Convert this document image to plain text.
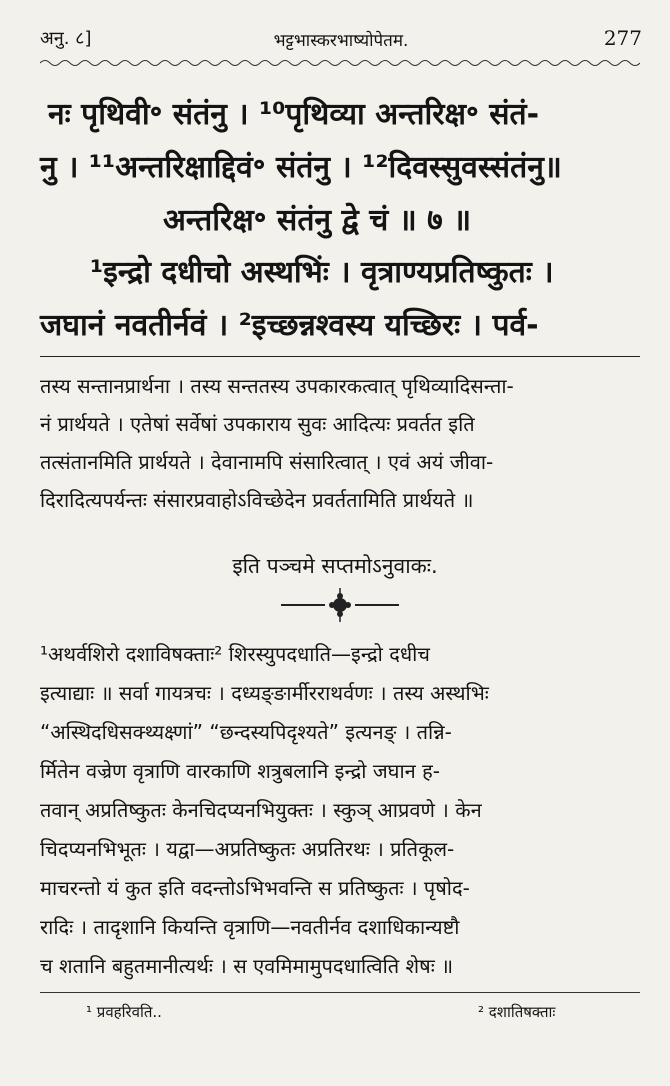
अनु. ८]	भट्टभास्करभाष्योपेतम.	277
नः पृथिवी॰ संतंनु । ¹⁰पृथिव्या अन्तरिक्ष॰ संतं-
नु । ¹¹अन्तरिक्षाद्दिवं॰ संतंनु । ¹²दिवस्सुवस्संतंनु॥
अन्तरिक्ष॰ संतंनु द्वे चं ॥ ७ ॥
¹इन्द्रो दधीचो अस्थभिंः । वृत्राण्यप्रतिष्कुतः ।
जघानं नवतीर्नवं । ²इच्छन्नश्वस्य यच्छिरः । पर्व-
तस्य सन्तानप्रार्थना । तस्य सन्ततस्य उपकारकत्वात् पृथिव्यादिसन्ता-
नं प्रार्थयते । एतेषां सर्वेषां उपकाराय सुवः आदित्यः प्रवर्तत इति
तत्संतानमिति प्रार्थयते । देवानामपि संसारित्वात् । एवं अयं जीवा-
दिरादित्यपर्यन्तः संसारप्रवाहोऽविच्छेदेन प्रवर्ततामिति प्रार्थयते ॥
इति पञ्चमे सप्तमोऽनुवाकः.
¹अथर्वशिरो दशाविषक्ताः² शिरस्युपदधाति—इन्द्रो दधीच
इत्याद्याः ॥ सर्वा गायत्रचः । दध्यङ्ङार्मीरराथर्वणः । तस्य अस्थभिः
“अस्थिदधिसक्थ्यक्ष्णां” “छन्दस्यपिदृश्यते” इत्यनङ् । तन्नि-
र्मितेन वज्रेण वृत्राणि वारकाणि शत्रुबलानि इन्द्रो जघान ह-
तवान् अप्रतिष्कुतः केनचिदप्यनभियुक्तः । स्कुञ् आप्रवणे । केन
चिदप्यनभिभूतः । यद्वा—अप्रतिष्कुतः अप्रतिरथः । प्रतिकूल-
माचरन्तो यं कुत इति वदन्तोऽभिभवन्ति स प्रतिष्कुतः । पृषोद-
रादिः । तादृशानि कियन्ति वृत्राणि—नवतीर्नव दशाधिकान्यष्टौ
च शतानि बहुतमानीत्यर्थः । स एवमिमामुपदधात्विति शेषः ॥
¹ प्रवहरिवति..	² दशातिषक्ताः
